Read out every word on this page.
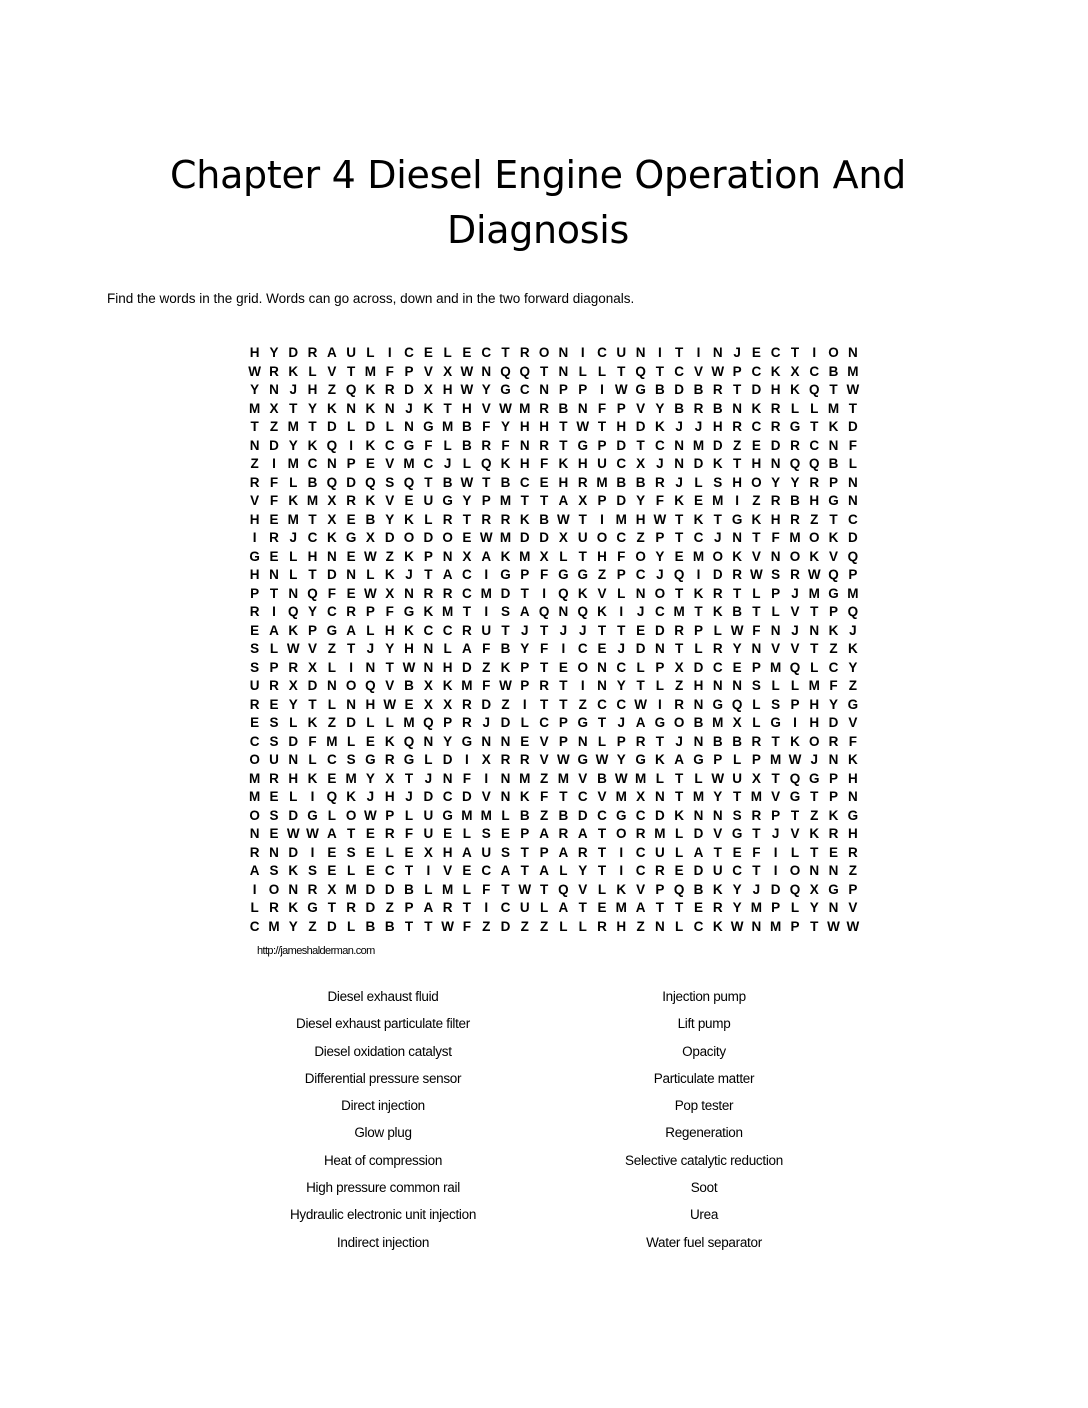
Chapter 4 Diesel Engine Operation And Diagnosis
Find the words in the grid. Words can go across, down and in the two forward diagonals.
H Y D R A U L I C E L E C T R O N I C U N I T I N J E C T I O N
W R K L V T M F P V X W N Q Q T N L L T Q T C V W P C K X C B M
Y N J H Z Q K R D X H W Y G C N P P I W G B D B R T D H K Q T W
M X T Y K N K N J K T H V W M R B N F P V Y B R B N K R L L M T
T Z M T D L D L N G M B F Y H H T W T H D K J J H R C R G T K D
N D Y K Q I K C G F L B R F N R T G P D T C N M D Z E D R C N F
Z I M C N P E V M C J L Q K H F K H U C X J N D K T H N Q Q B L
R F L B Q D Q S Q T B W T B C E H R M B B R J L S H O Y Y R P N
V F K M X R K V E U G Y P M T T A X P D Y F K E M I Z R B H G N
H E M T X E B Y K L R T R R K B W T I M H W T K T G K H R Z T C
I R J C K G X D O D O E W M D D X U O C Z P T C J N T F M O K D
G E L H N E W Z K P N X A K M X L T H F O Y E M O K V N O K V Q
H N L T D N L K J T A C I G P F G G Z P C J Q I D R W S R W Q P
P T N Q F E W X N R R C M D T I Q K V L N O T K R T L P J M G M
R I Q Y C R P F G K M T I S A Q N Q K I J C M T K B T L V T P Q
E A K P G A L H K C C R U T J T J J T T E D R P L W F N J N K J
S L W V Z T J Y H N L A F B Y F I C E J D N T L R Y N V V T Z K
S P R X L I N T W N H D Z K P T E O N C L P X D C E P M Q L C Y
U R X D N O Q V B X K M F W P R T I N Y T L Z H N N S L L M F Z
R E Y T L N H W E X X R D Z I T T Z C C W I R N G Q L S P H Y G
E S L K Z D L L M Q P R J D L C P G T J A G O B M X L G I H D V
C S D F M L E K Q N Y G N N E V P N L P R T J N B B R T K O R F
O U N L C S G R G L D I X R R V W G W Y G K A G P L P M W J N K
M R H K E M Y X T J N F I N M Z M V B W M L T L W U X T Q G P H
M E L I Q K J H J D C D V N K F T C V M X N T M Y T M V G T P N
O S D G L O W P L U G M M L B Z B D C G C D K N N S R P T Z K G
N E W W A T E R F U E L S E P A R A T O R M L D V G T J V K R H
R N D I E S E L E X H A U S T P A R T I C U L A T E F I L T E R
A S K S E L E C T I V E C A T A L Y T I C R E D U C T I O N N Z
I O N R X M D D B L M L F T W T Q V L K V P Q B K Y J D Q X G P
L R K G T R D Z P A R T I C U L A T E M A T T E R Y M P L Y N V
C M Y Z D L B B T T W F Z D Z Z L L R H Z N L C K W N M P T W W
http://jameshalderman.com
Diesel exhaust fluid
Diesel exhaust particulate filter
Diesel oxidation catalyst
Differential pressure sensor
Direct injection
Glow plug
Heat of compression
High pressure common rail
Hydraulic electronic unit injection
Indirect injection
Injection pump
Lift pump
Opacity
Particulate matter
Pop tester
Regeneration
Selective catalytic reduction
Soot
Urea
Water fuel separator
